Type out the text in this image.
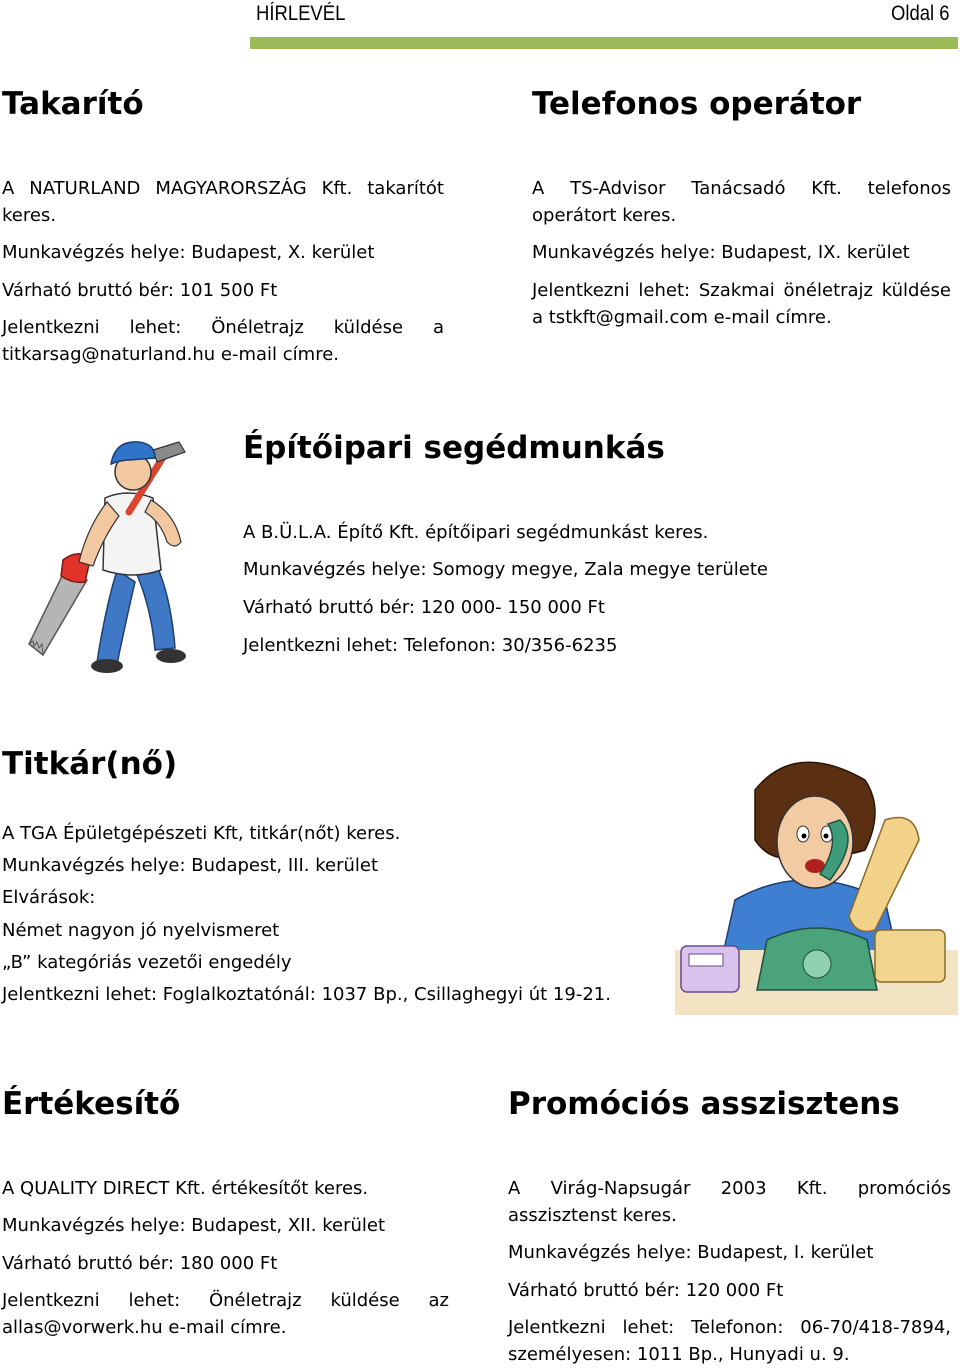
HÍRLEVÉL	Oldal 6
Takarító

A NATURLAND MAGYARORSZÁG Kft. takarítót keres.

Munkavégzés helye: Budapest, X. kerület

Várható bruttó bér: 101 500 Ft

Jelentkezni lehet: Önéletrajz küldése a titkarsag@naturland.hu e-mail címre.

Telefonos operátor

A TS-Advisor Tanácsadó Kft. telefonos operátort keres.

Munkavégzés helye: Budapest, IX. kerület

Jelentkezni lehet: Szakmai önéletrajz küldése a tstkft@gmail.com e-mail címre.

Építőipari segédmunkás

A B.Ü.L.A. Építő Kft. építőipari segédmunkást keres.

Munkavégzés helye: Somogy megye, Zala megye területe

Várható bruttó bér: 120 000- 150 000 Ft

Jelentkezni lehet: Telefonon: 30/356-6235

Titkár(nő)

A TGA Épületgépészeti Kft, titkár(nőt) keres.

Munkavégzés helye: Budapest, III. kerület

Elvárások:

Német nagyon jó nyelvismeret

„B” kategóriás vezetői engedély

Jelentkezni lehet: Foglalkoztatónál: 1037 Bp., Csillaghegyi út 19-21.

Értékesítő

A QUALITY DIRECT Kft. értékesítőt keres.

Munkavégzés helye: Budapest, XII. kerület

Várható bruttó bér: 180 000 Ft

Jelentkezni lehet: Önéletrajz küldése az allas@vorwerk.hu e-mail címre.

Promóciós asszisztens

A Virág-Napsugár 2003 Kft. promóciós asszisztenst keres.

Munkavégzés helye: Budapest, I. kerület

Várható bruttó bér: 120 000 Ft

Jelentkezni lehet: Telefonon: 06-70/418-7894, személyesen: 1011 Bp., Hunyadi u. 9.
